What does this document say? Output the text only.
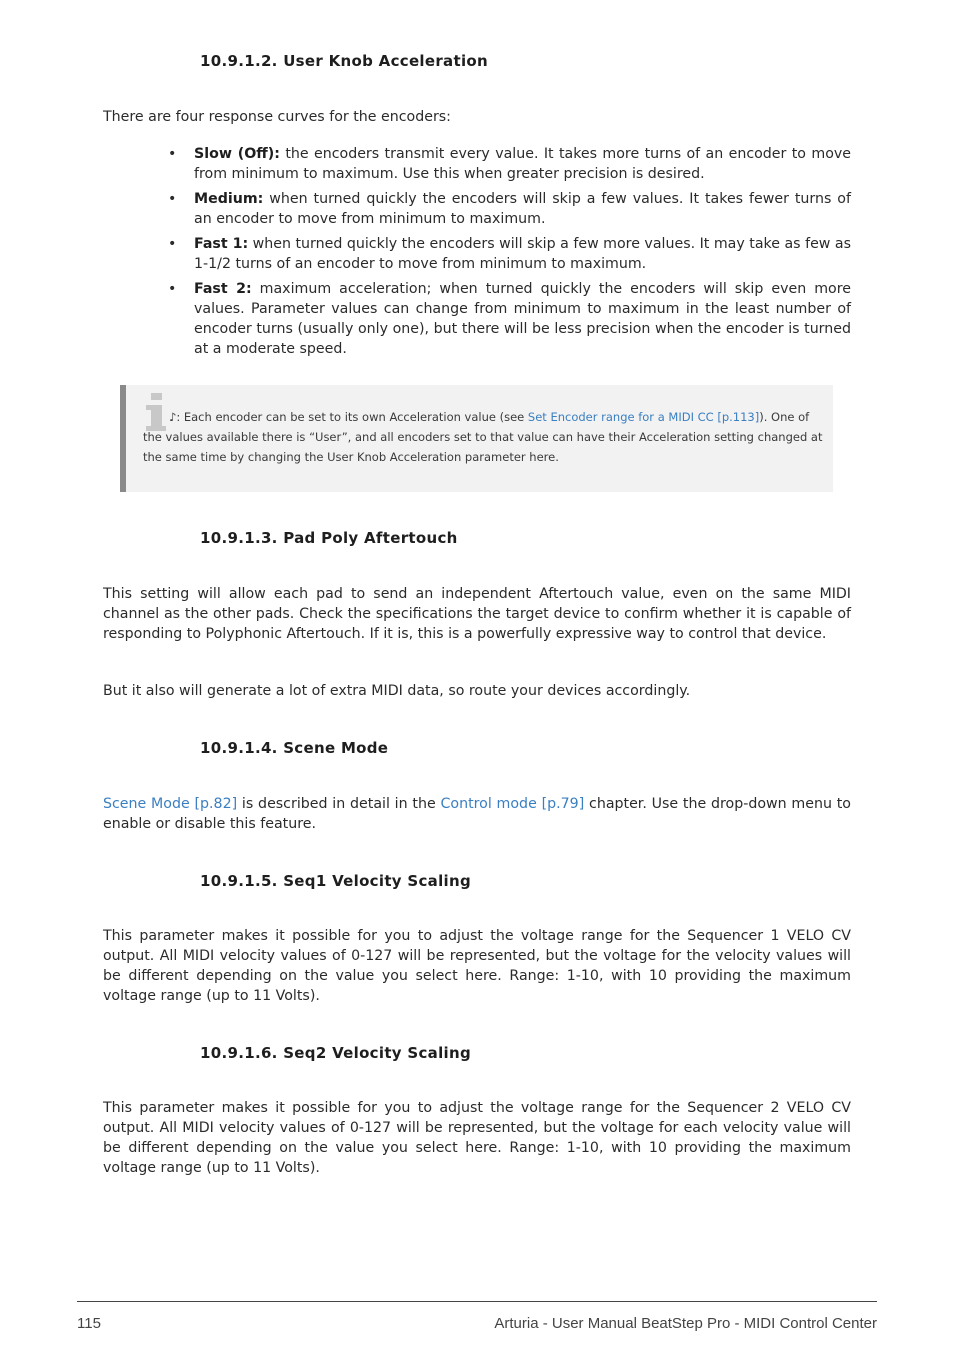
10.9.1.2. User Knob Acceleration

There are four response curves for the encoders:

• Slow (Off): the encoders transmit every value. It takes more turns of an encoder to move from minimum to maximum. Use this when greater precision is desired.
• Medium: when turned quickly the encoders will skip a few values. It takes fewer turns of an encoder to move from minimum to maximum.
• Fast 1: when turned quickly the encoders will skip a few more values. It may take as few as 1-1/2 turns of an encoder to move from minimum to maximum.
• Fast 2: maximum acceleration; when turned quickly the encoders will skip even more values. Parameter values can change from minimum to maximum in the least number of encoder turns (usually only one), but there will be less precision when the encoder is turned at a moderate speed.

♪: Each encoder can be set to its own Acceleration value (see Set Encoder range for a MIDI CC [p.113]). One of the values available there is “User”, and all encoders set to that value can have their Acceleration setting changed at the same time by changing the User Knob Acceleration parameter here.

10.9.1.3. Pad Poly Aftertouch

This setting will allow each pad to send an independent Aftertouch value, even on the same MIDI channel as the other pads. Check the specifications the target device to confirm whether it is capable of responding to Polyphonic Aftertouch. If it is, this is a powerfully expressive way to control that device.

But it also will generate a lot of extra MIDI data, so route your devices accordingly.

10.9.1.4. Scene Mode

Scene Mode [p.82] is described in detail in the Control mode [p.79] chapter. Use the drop-down menu to enable or disable this feature.

10.9.1.5. Seq1 Velocity Scaling

This parameter makes it possible for you to adjust the voltage range for the Sequencer 1 VELO CV output. All MIDI velocity values of 0-127 will be represented, but the voltage for the velocity values will be different depending on the value you select here. Range: 1-10, with 10 providing the maximum voltage range (up to 11 Volts).

10.9.1.6. Seq2 Velocity Scaling

This parameter makes it possible for you to adjust the voltage range for the Sequencer 2 VELO CV output. All MIDI velocity values of 0-127 will be represented, but the voltage for each velocity value will be different depending on the value you select here. Range: 1-10, with 10 providing the maximum voltage range (up to 11 Volts).

115	Arturia - User Manual BeatStep Pro - MIDI Control Center
